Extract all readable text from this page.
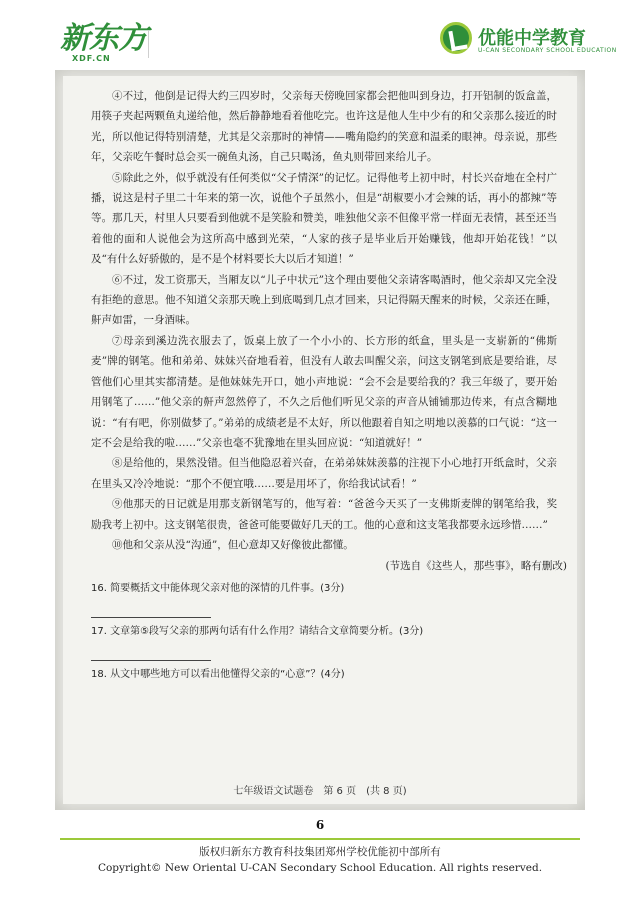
新东方
XDF.CN
优能中学教育
U-CAN SECONDARY SCHOOL EDUCATION

④不过，他倒是记得大约三四岁时，父亲每天傍晚回家都会把他叫到身边，打开铝制的饭盒盖，用筷子夹起两颗鱼丸递给他，然后静静地看着他吃完。也许这是他人生中少有的和父亲那么接近的时光，所以他记得特别清楚，尤其是父亲那时的神情——嘴角隐约的笑意和温柔的眼神。母亲说，那些年，父亲吃午餐时总会买一碗鱼丸汤，自己只喝汤，鱼丸则带回来给儿子。

⑤除此之外，似乎就没有任何类似“父子情深”的记忆。记得他考上初中时，村长兴奋地在全村广播，说这是村子里二十年来的第一次，说他个子虽然小，但是“胡椒要小才会辣的话，再小的都辣”等等。那几天，村里人只要看到他就不是笑脸和赞美，唯独他父亲不但像平常一样面无表情，甚至还当着他的面和人说他会为这所高中感到光荣，“人家的孩子是毕业后开始赚钱，他却开始花钱！”以及“有什么好骄傲的，是不是个材料要长大以后才知道！”

⑥不过，发工资那天，当厢友以“儿子中状元”这个理由要他父亲请客喝酒时，他父亲却又完全没有拒绝的意思。他不知道父亲那天晚上到底喝到几点才回来，只记得隔天醒来的时候，父亲还在睡，鼾声如雷，一身酒味。

⑦母亲到溪边洗衣服去了，饭桌上放了一个小小的、长方形的纸盒，里头是一支崭新的“佛斯麦”牌的钢笔。他和弟弟、妹妹兴奋地看着，但没有人敢去叫醒父亲，问这支钢笔到底是要给谁，尽管他们心里其实都清楚。是他妹妹先开口，她小声地说：“会不会是要给我的？我三年级了，要开始用钢笔了……”他父亲的鼾声忽然停了，不久之后他们听见父亲的声音从铺铺那边传来，有点含糊地说：“有有吧，你别做梦了。”弟弟的成绩老是不太好，所以他跟着自知之明地以羡慕的口气说：“这一定不会是给我的啦……”父亲也毫不犹豫地在里头回应说：“知道就好！”

⑧是给他的，果然没错。但当他隐忍着兴奋，在弟弟妹妹羡慕的注视下小心地打开纸盒时，父亲在里头又冷冷地说：“那个不便宜哦……要是用坏了，你给我试试看！”

⑨他那天的日记就是用那支新钢笔写的，他写着：“爸爸今天买了一支佛斯麦牌的钢笔给我，奖励我考上初中。这支钢笔很贵，爸爸可能要做好几天的工。他的心意和这支笔我都要永远珍惜……”

⑩他和父亲从没“沟通”，但心意却又好像彼此都懂。

(节选自《这些人，那些事》，略有删改)
16. 简要概括文中能体现父亲对他的深情的几件事。(3分)
17. 文章第⑤段写父亲的那两句话有什么作用？请结合文章简要分析。(3分)
18. 从文中哪些地方可以看出他懂得父亲的“心意”？(4分)
七年级语文试题卷　第 6 页　(共 8 页)
6
版权归新东方教育科技集团郑州学校优能初中部所有
Copyright© New Oriental U-CAN Secondary School Education. All rights reserved.
